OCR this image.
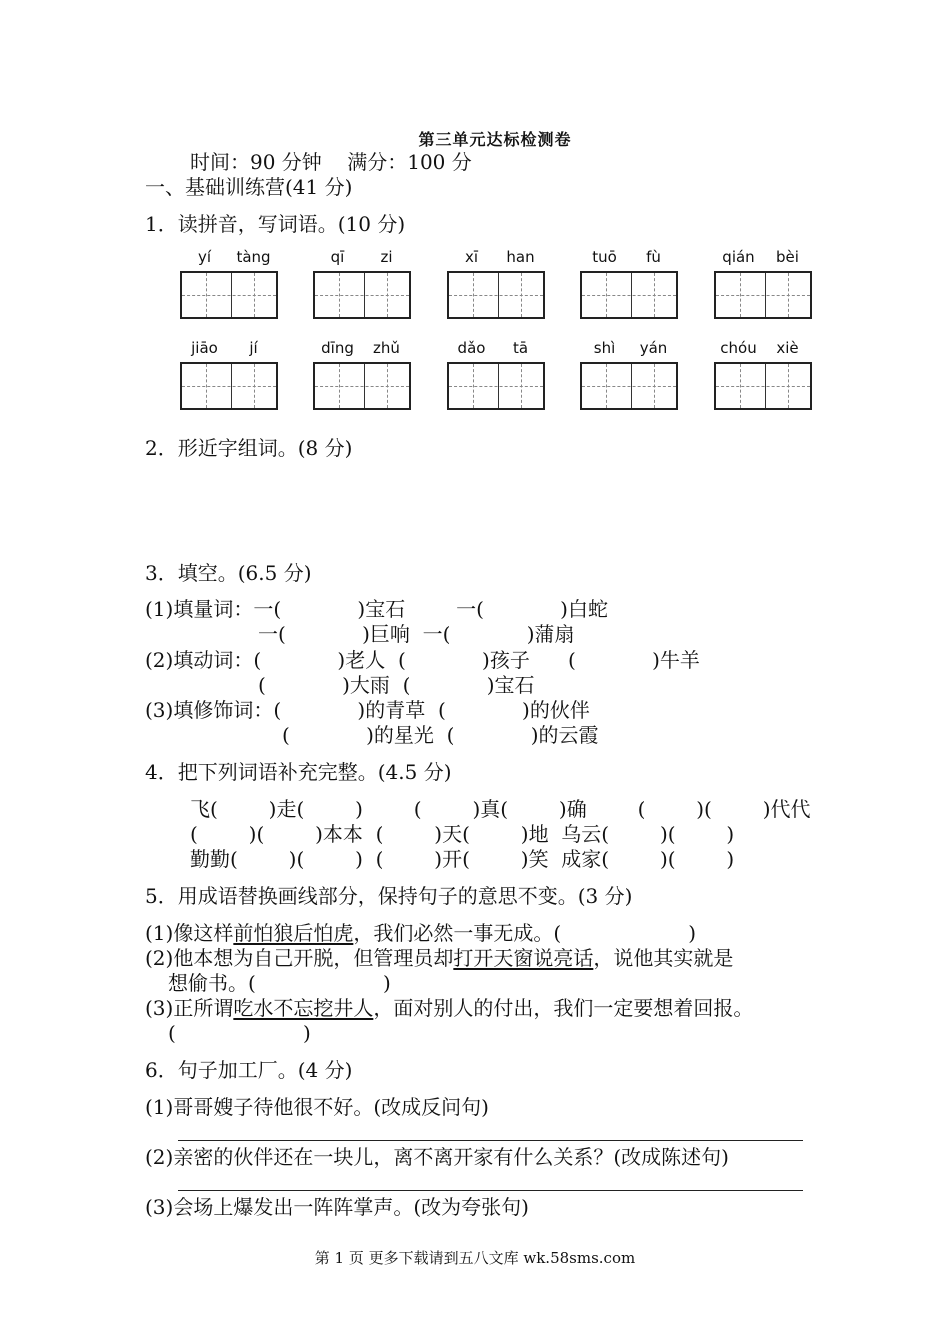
第三单元达标检测卷
时间：90 分钟    满分：100 分
一、基础训练营(41 分)
1．读拼音，写词语。(10 分)
yí	tàng	qī	zi	xī	han	tuō	fù	qián	bèi
jiāo	jí	dīng	zhǔ	dǎo	tā	shì	yán	chóu	xiè
2．形近字组词。(8 分)
3．填空。(6.5 分)
(1)填量词：一(            )宝石        一(            )白蛇
一(            )巨响  一(            )蒲扇
(2)填动词：(            )老人  (            )孩子      (            )牛羊
(            )大雨  (            )宝石
(3)填修饰词：(            )的青草  (            )的伙伴
(            )的星光  (            )的云霞
4．把下列词语补充完整。(4.5 分)
飞(        )走(        )        (        )真(        )确        (        )(        )代代
(        )(        )本本  (        )天(        )地  乌云(        )(        )
勤勤(        )(        )  (        )开(        )笑  成家(        )(        )
5．用成语替换画线部分，保持句子的意思不变。(3 分)
(1)像这样前怕狼后怕虎，我们必然一事无成。(                    )
(2)他本想为自己开脱，但管理员却打开天窗说亮话，说他其实就是
想偷书。(                    )
(3)正所谓吃水不忘挖井人，面对别人的付出，我们一定要想着回报。
(                    )
6．句子加工厂。(4 分)
(1)哥哥嫂子待他很不好。(改成反问句)
(2)亲密的伙伴还在一块儿，离不离开家有什么关系？(改成陈述句)
(3)会场上爆发出一阵阵掌声。(改为夸张句)
第 1 页 更多下载请到五八文库 wk.58sms.com
